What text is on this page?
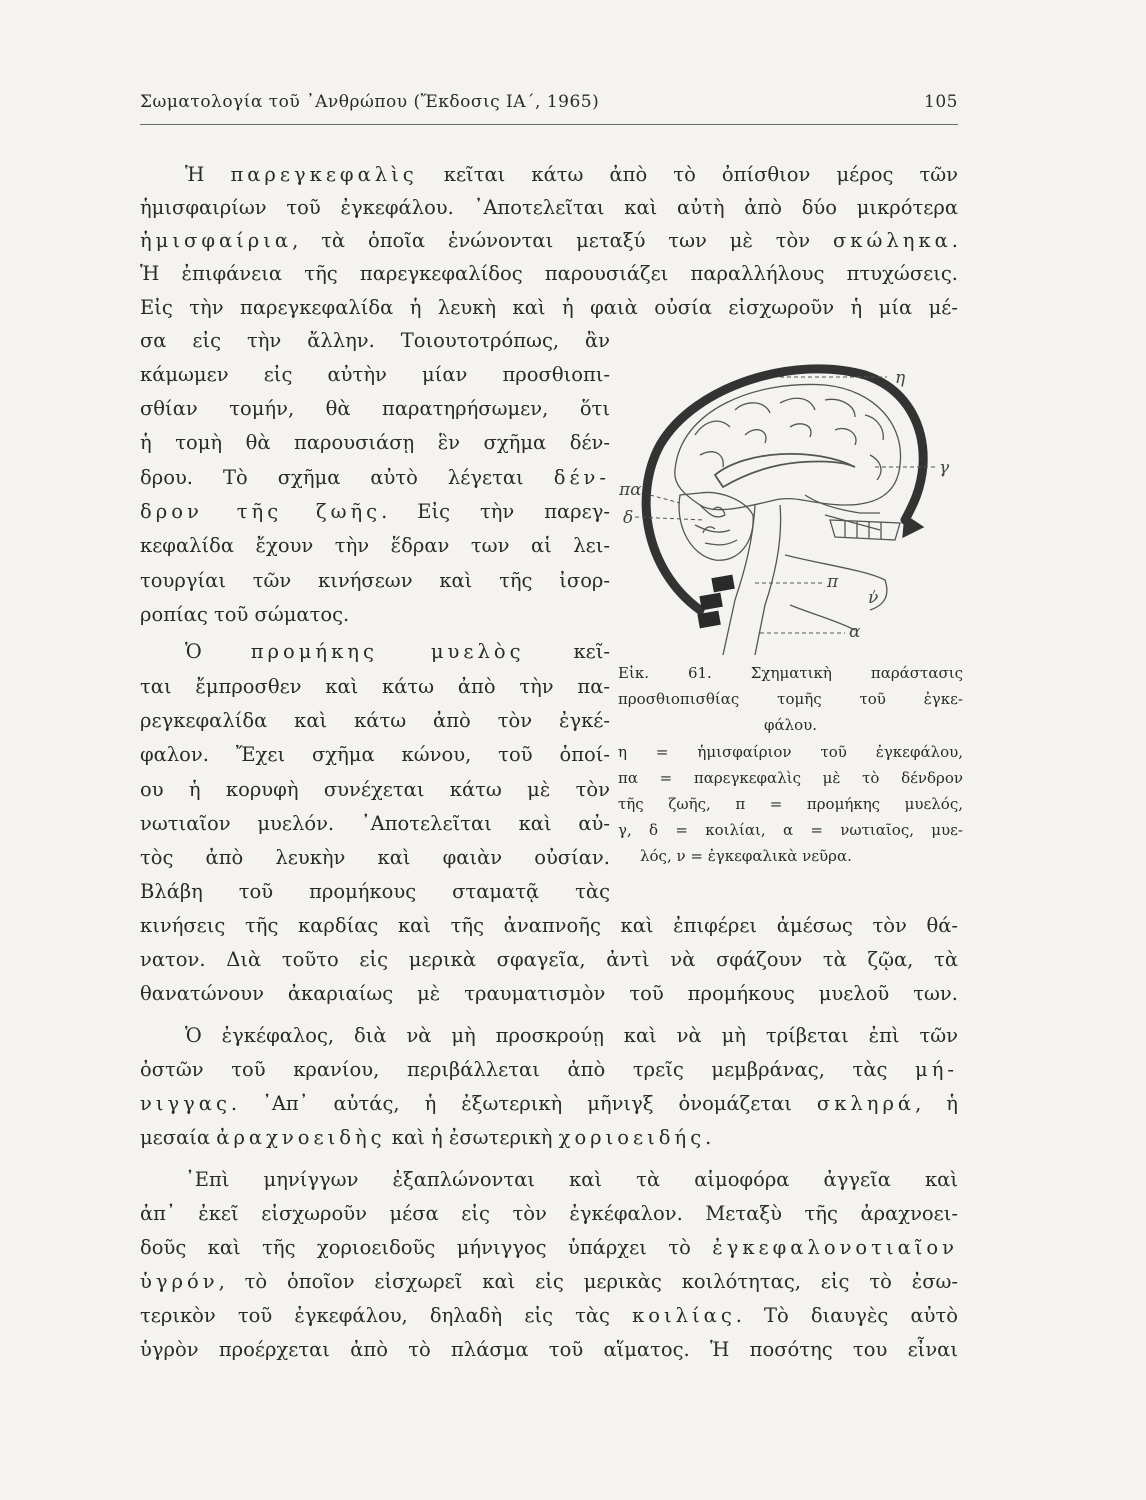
Σωματολογία τοῦ ᾿Ανθρώπου (Ἔκδοσις ΙΑ΄, 1965)	105
Ἡ παρεγκεφαλὶς κεῖται κάτω ἀπὸ τὸ ὀπίσθιον μέρος τῶν
ἡμισφαιρίων τοῦ ἐγκεφάλου. ᾿Αποτελεῖται καὶ αὐτὴ ἀπὸ δύο μικρότερα
ἡμισφαίρια, τὰ ὁποῖα ἑνώνονται μεταξύ των μὲ τὸν σκώληκα.
Ἡ ἐπιφάνεια τῆς παρεγκεφαλίδος παρουσιάζει παραλλήλους πτυχώσεις.
Εἰς τὴν παρεγκεφαλίδα ἡ λευκὴ καὶ ἡ φαιὰ οὐσία εἰσχωροῦν ἡ μία μέ-
σα εἰς τὴν ἄλλην. Τοιουτοτρόπως, ἂν
κάμωμεν εἰς αὐτὴν μίαν προσθιοπι-
σθίαν τομήν, θὰ παρατηρήσωμεν, ὅτι
ἡ τομὴ θὰ παρουσιάσῃ ἓν σχῆμα δέν-
δρου. Τὸ σχῆμα αὐτὸ λέγεται δέν-
δρον τῆς ζωῆς. Εἰς τὴν παρεγ-
κεφαλίδα ἔχουν τὴν ἕδραν των αἱ λει-
τουργίαι τῶν κινήσεων καὶ τῆς ἰσορ-
ροπίας τοῦ σώματος.
Ὁ προμήκης μυελὸς κεῖ-
ται ἔμπροσθεν καὶ κάτω ἀπὸ τὴν πα-
ρεγκεφαλίδα καὶ κάτω ἀπὸ τὸν ἐγκέ-
φαλον. Ἔχει σχῆμα κώνου, τοῦ ὁποί-
ου ἡ κορυφὴ συνέχεται κάτω μὲ τὸν
νωτιαῖον μυελόν. ᾿Αποτελεῖται καὶ αὐ-
τὸς ἀπὸ λευκὴν καὶ φαιὰν οὐσίαν.
Βλάβη τοῦ προμήκους σταματᾷ τὰς
κινήσεις τῆς καρδίας καὶ τῆς ἀναπνοῆς καὶ ἐπιφέρει ἀμέσως τὸν θά-
νατον. Διὰ τοῦτο εἰς μερικὰ σφαγεῖα, ἀντὶ νὰ σφάζουν τὰ ζῷα, τὰ
θανατώνουν ἀκαριαίως μὲ τραυματισμὸν τοῦ προμήκους μυελοῦ των.
Ὁ ἐγκέφαλος, διὰ νὰ μὴ προσκρούῃ καὶ νὰ μὴ τρίβεται ἐπὶ τῶν
ὀστῶν τοῦ κρανίου, περιβάλλεται ἀπὸ τρεῖς μεμβράνας, τὰς μή-
νιγγας. ᾿Απ᾿ αὐτάς, ἡ ἐξωτερικὴ μῆνιγξ ὀνομάζεται σκληρά, ἡ
μεσαία ἀραχνοειδὴς καὶ ἡ ἐσωτερικὴ χοριοειδής.
᾿Επὶ μηνίγγων ἐξαπλώνονται καὶ τὰ αἱμοφόρα ἀγγεῖα καὶ
ἀπ᾿ ἐκεῖ εἰσχωροῦν μέσα εἰς τὸν ἐγκέφαλον. Μεταξὺ τῆς ἀραχνοει-
δοῦς καὶ τῆς χοριοειδοῦς μήνιγγος ὑπάρχει τὸ ἐγκεφαλονοτιαῖον
ὑγρόν, τὸ ὁποῖον εἰσχωρεῖ καὶ εἰς μερικὰς κοιλότητας, εἰς τὸ ἐσω-
τερικὸν τοῦ ἐγκεφάλου, δηλαδὴ εἰς τὰς κοιλίας. Τὸ διαυγὲς αὐτὸ
ὑγρὸν προέρχεται ἀπὸ τὸ πλάσμα τοῦ αἵματος. Ἡ ποσότης του εἶναι
η
γ
πα
δ
π
ν
α
Εἰκ. 61. Σχηματικὴ παράστασις
προσθιοπισθίας τομῆς τοῦ ἐγκε-
φάλου.
η = ἡμισφαίριον τοῦ ἐγκεφάλου,
πα = παρεγκεφαλὶς μὲ τὸ δένδρον
τῆς ζωῆς, π = προμήκης μυελός,
γ, δ = κοιλίαι, α = νωτιαῖος, μυε-
λός, ν = ἐγκεφαλικὰ νεῦρα.
